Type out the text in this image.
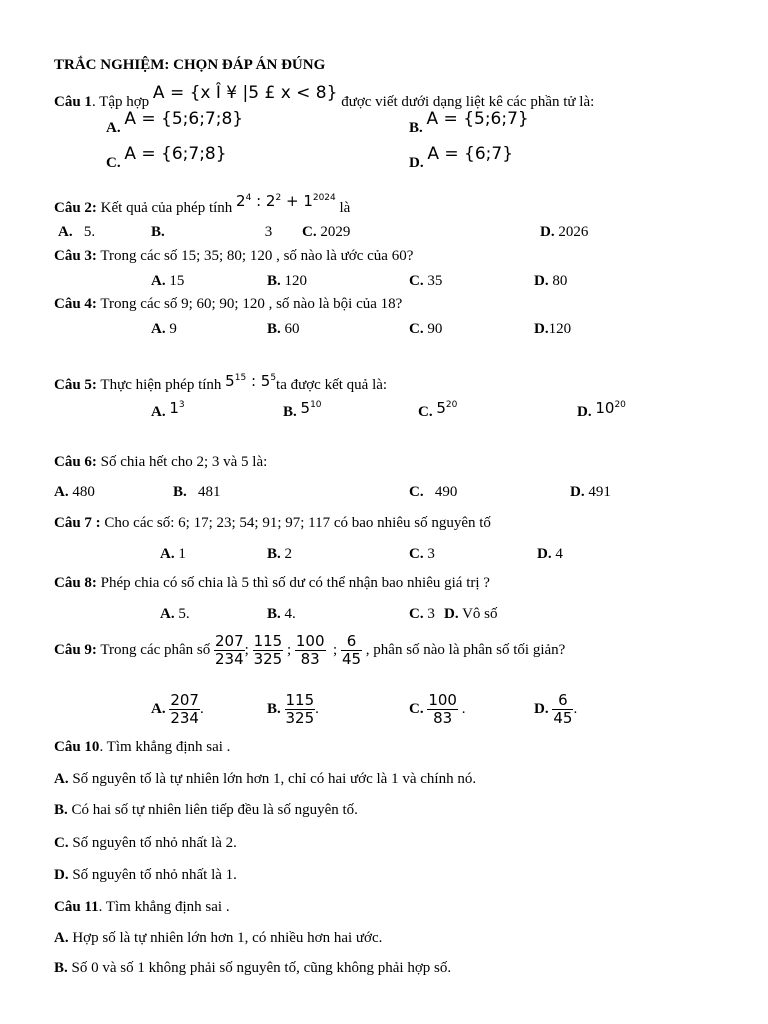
TRẮC NGHIỆM: CHỌN ĐÁP ÁN ĐÚNG
Câu 1. Tập hợp A = {x Î ¥ |5 £ x < 8} được viết dưới dạng liệt kê các phần tử là:
A. A = {5;6;7;8}	B. A = {5;6;7}
C. A = {6;7;8}	D. A = {6;7}
Câu 2: Kết quả của phép tính $2^4$ : $2^2 + 1^{2024}$ là
A. 5.	B.	3 C. 2029	D. 2026
Câu 3: Trong các số 15; 35; 80; 120 , số nào là ước của 60?
A. 15	B. 120	C. 35	D. 80
Câu 4: Trong các số 9; 60; 90; 120 , số nào là bội của 18?
A. 9	B. 60	C. 90	D.120
Câu 5: Thực hiện phép tính $5^{15}$ : $5^5ta$ được kết quả là:
A. $1^3$	B. $5^{10}$	C. $5^{20}$	D. $10^{20}$
Câu 6: Số chia hết cho 2; 3 và 5 là:
A. 480	B. 481	C. 490	D. 491
Câu 7 : Cho các số: 6; 17; 23; 54; 91; 97; 117 có bao nhiêu số nguyên tố
A. 1	B. 2	C. 3	D. 4
Câu 8: Phép chia có số chia là 5 thì số dư có thể nhận bao nhiêu giá trị ?
A. 5.	B. 4.	C. 3 D. Vô số
Câu 9: Trong các phân số $\frac{207}{234}$ ; $\frac{115}{325}$ ; $\frac{100}{83}$ ; $\frac{6}{45}$ , phân số nào là phân số tối giản?
A. $\frac{207}{234}$ .	B. $\frac{115}{325}$ .	C. $\frac{100}{83}$ .	D. $\frac{6}{45}$ .
Câu 10. Tìm khẳng định sai .
A. Số nguyên tố là tự nhiên lớn hơn 1, chỉ có hai ước là 1 và chính nó.
B. Có hai số tự nhiên liên tiếp đều là số nguyên tố.
C. Số nguyên tố nhỏ nhất là 2.
D. Số nguyên tố nhỏ nhất là 1.
Câu 11. Tìm khẳng định sai .
A. Hợp số là tự nhiên lớn hơn 1, có nhiều hơn hai ước.
B. Số 0 và số 1 không phải số nguyên tố, cũng không phải hợp số.
